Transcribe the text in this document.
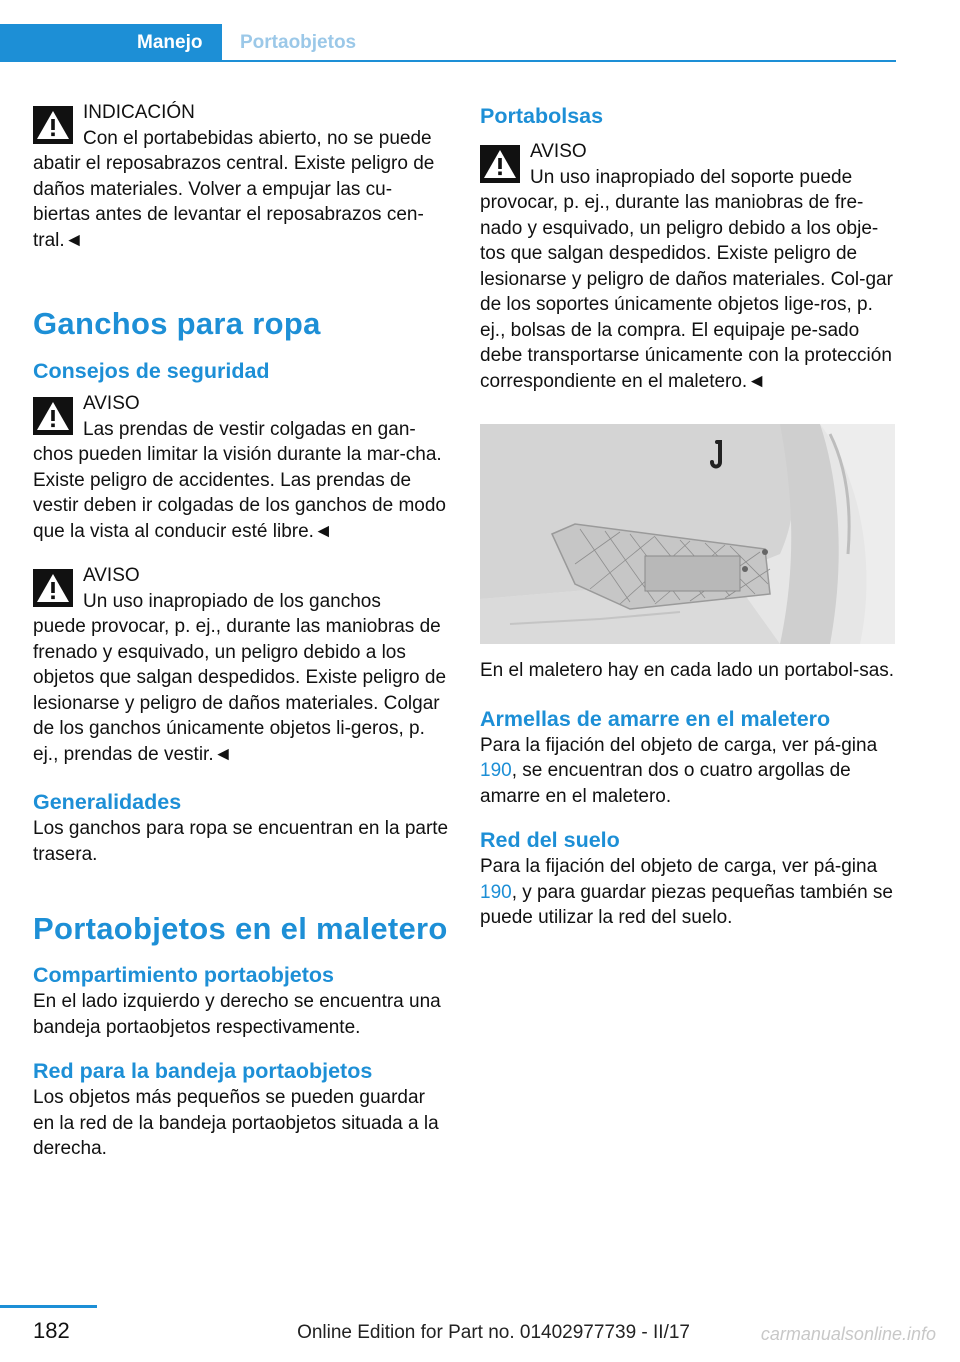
Manejo	Portaobjetos

INDICACIÓN

Con el portabebidas abierto, no se puede

abatir el reposabrazos central. Existe peligro de daños materiales. Volver a empujar las cu‐biertas antes de levantar el reposabrazos cen‐tral.◄

Ganchos para ropa
Consejos de seguridad

AVISO

Las prendas de vestir colgadas en gan‐

chos pueden limitar la visión durante la mar‐cha. Existe peligro de accidentes. Las prendas de vestir deben ir colgadas de los ganchos de modo que la vista al conducir esté libre.◄

AVISO

Un uso inapropiado de los ganchos

puede provocar, p. ej., durante las maniobras de frenado y esquivado, un peligro debido a los objetos que salgan despedidos. Existe peligro de lesionarse y peligro de daños materiales. Colgar de los ganchos únicamente objetos li‐geros, p. ej., prendas de vestir.◄

Generalidades

Los ganchos para ropa se encuentran en la parte trasera.

Portaobjetos en el maletero
Compartimiento portaobjetos

En el lado izquierdo y derecho se encuentra una bandeja portaobjetos respectivamente.

Red para la bandeja portaobjetos

Los objetos más pequeños se pueden guardar en la red de la bandeja portaobjetos situada a la derecha.

Portabolsas

AVISO

Un uso inapropiado del soporte puede

provocar, p. ej., durante las maniobras de fre‐nado y esquivado, un peligro debido a los obje‐tos que salgan despedidos. Existe peligro de lesionarse y peligro de daños materiales. Col‐gar de los soportes únicamente objetos lige‐ros, p. ej., bolsas de la compra. El equipaje pe‐sado debe transportarse únicamente con la protección correspondiente en el maletero.◄

En el maletero hay en cada lado un portabol‐sas.

Armellas de amarre en el maletero

Para la fijación del objeto de carga, ver pá‐gina 190, se encuentran dos o cuatro argollas de amarre en el maletero.

Red del suelo

Para la fijación del objeto de carga, ver pá‐gina 190, y para guardar piezas pequeñas también se puede utilizar la red del suelo.

182	Online Edition for Part no. 01402977739 - II/17	carmanualsonline.info
